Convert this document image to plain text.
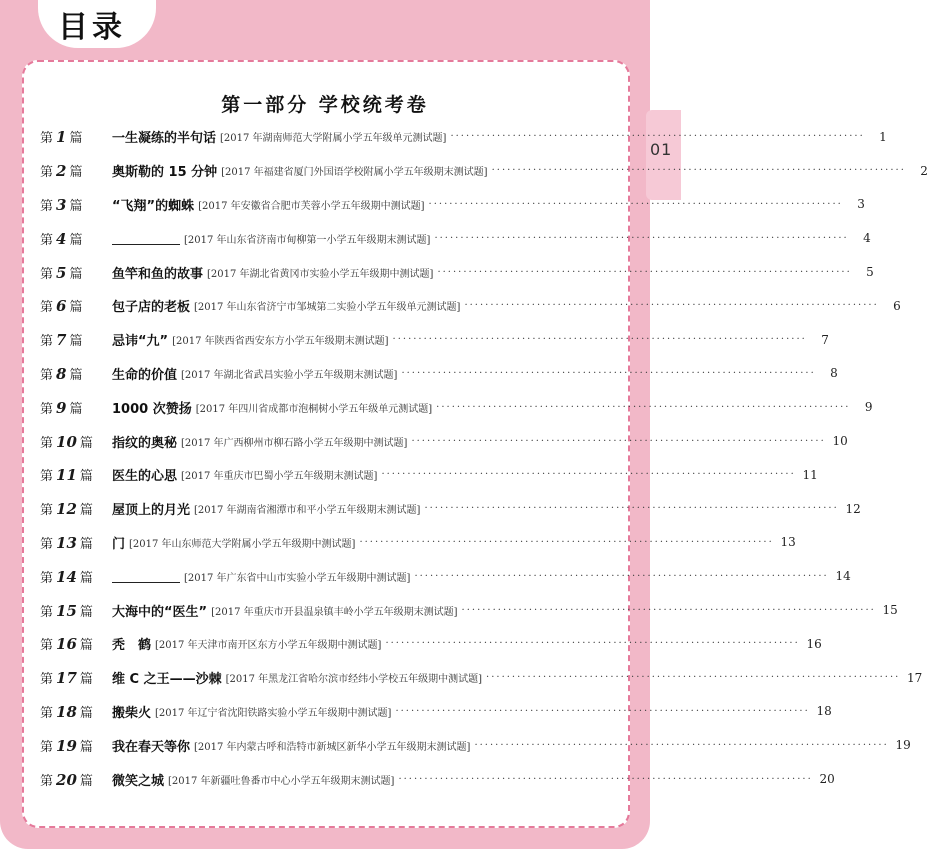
01
目录
第一部分 学校统考卷
第 1 篇	一生凝练的半句话 [2017 年湖南师范大学附属小学五年级单元测试题] ················································································	1
第 2 篇	奥斯勒的 15 分钟 [2017 年福建省厦门外国语学校附属小学五年级期末测试题] ················································································	2
第 3 篇	“飞翔”的蜘蛛 [2017 年安徽省合肥市芙蓉小学五年级期中测试题] ················································································	3
第 4 篇	[2017 年山东省济南市甸柳第一小学五年级期末测试题] ················································································	4
第 5 篇	鱼竿和鱼的故事 [2017 年湖北省黄冈市实验小学五年级期中测试题] ················································································	5
第 6 篇	包子店的老板 [2017 年山东省济宁市邹城第二实验小学五年级单元测试题] ················································································	6
第 7 篇	忌讳“九” [2017 年陕西省西安东方小学五年级期末测试题] ················································································	7
第 8 篇	生命的价值 [2017 年湖北省武昌实验小学五年级期末测试题] ················································································	8
第 9 篇	1000 次赞扬 [2017 年四川省成都市泡桐树小学五年级单元测试题] ················································································	9
第 10 篇	指纹的奥秘 [2017 年广西柳州市柳石路小学五年级期中测试题] ················································································ 10
第 11 篇	医生的心思 [2017 年重庆市巴蜀小学五年级期末测试题] ················································································ 11
第 12 篇	屋顶上的月光 [2017 年湖南省湘潭市和平小学五年级期末测试题] ················································································ 12
第 13 篇	门 [2017 年山东师范大学附属小学五年级期中测试题] ················································································ 13
第 14 篇	[2017 年广东省中山市实验小学五年级期中测试题] ················································································ 14
第 15 篇	大海中的“医生” [2017 年重庆市开县温泉镇丰岭小学五年级期末测试题] ················································································ 15
第 16 篇	秃　鹤 [2017 年天津市南开区东方小学五年级期中测试题] ················································································ 16
第 17 篇	维 C 之王——沙棘 [2017 年黑龙江省哈尔滨市经纬小学校五年级期中测试题] ················································································ 17
第 18 篇	搬柴火 [2017 年辽宁省沈阳铁路实验小学五年级期中测试题] ················································································ 18
第 19 篇	我在春天等你 [2017 年内蒙古呼和浩特市新城区新华小学五年级期末测试题] ················································································ 19
第 20 篇	微笑之城 [2017 年新疆吐鲁番市中心小学五年级期末测试题] ················································································ 20
